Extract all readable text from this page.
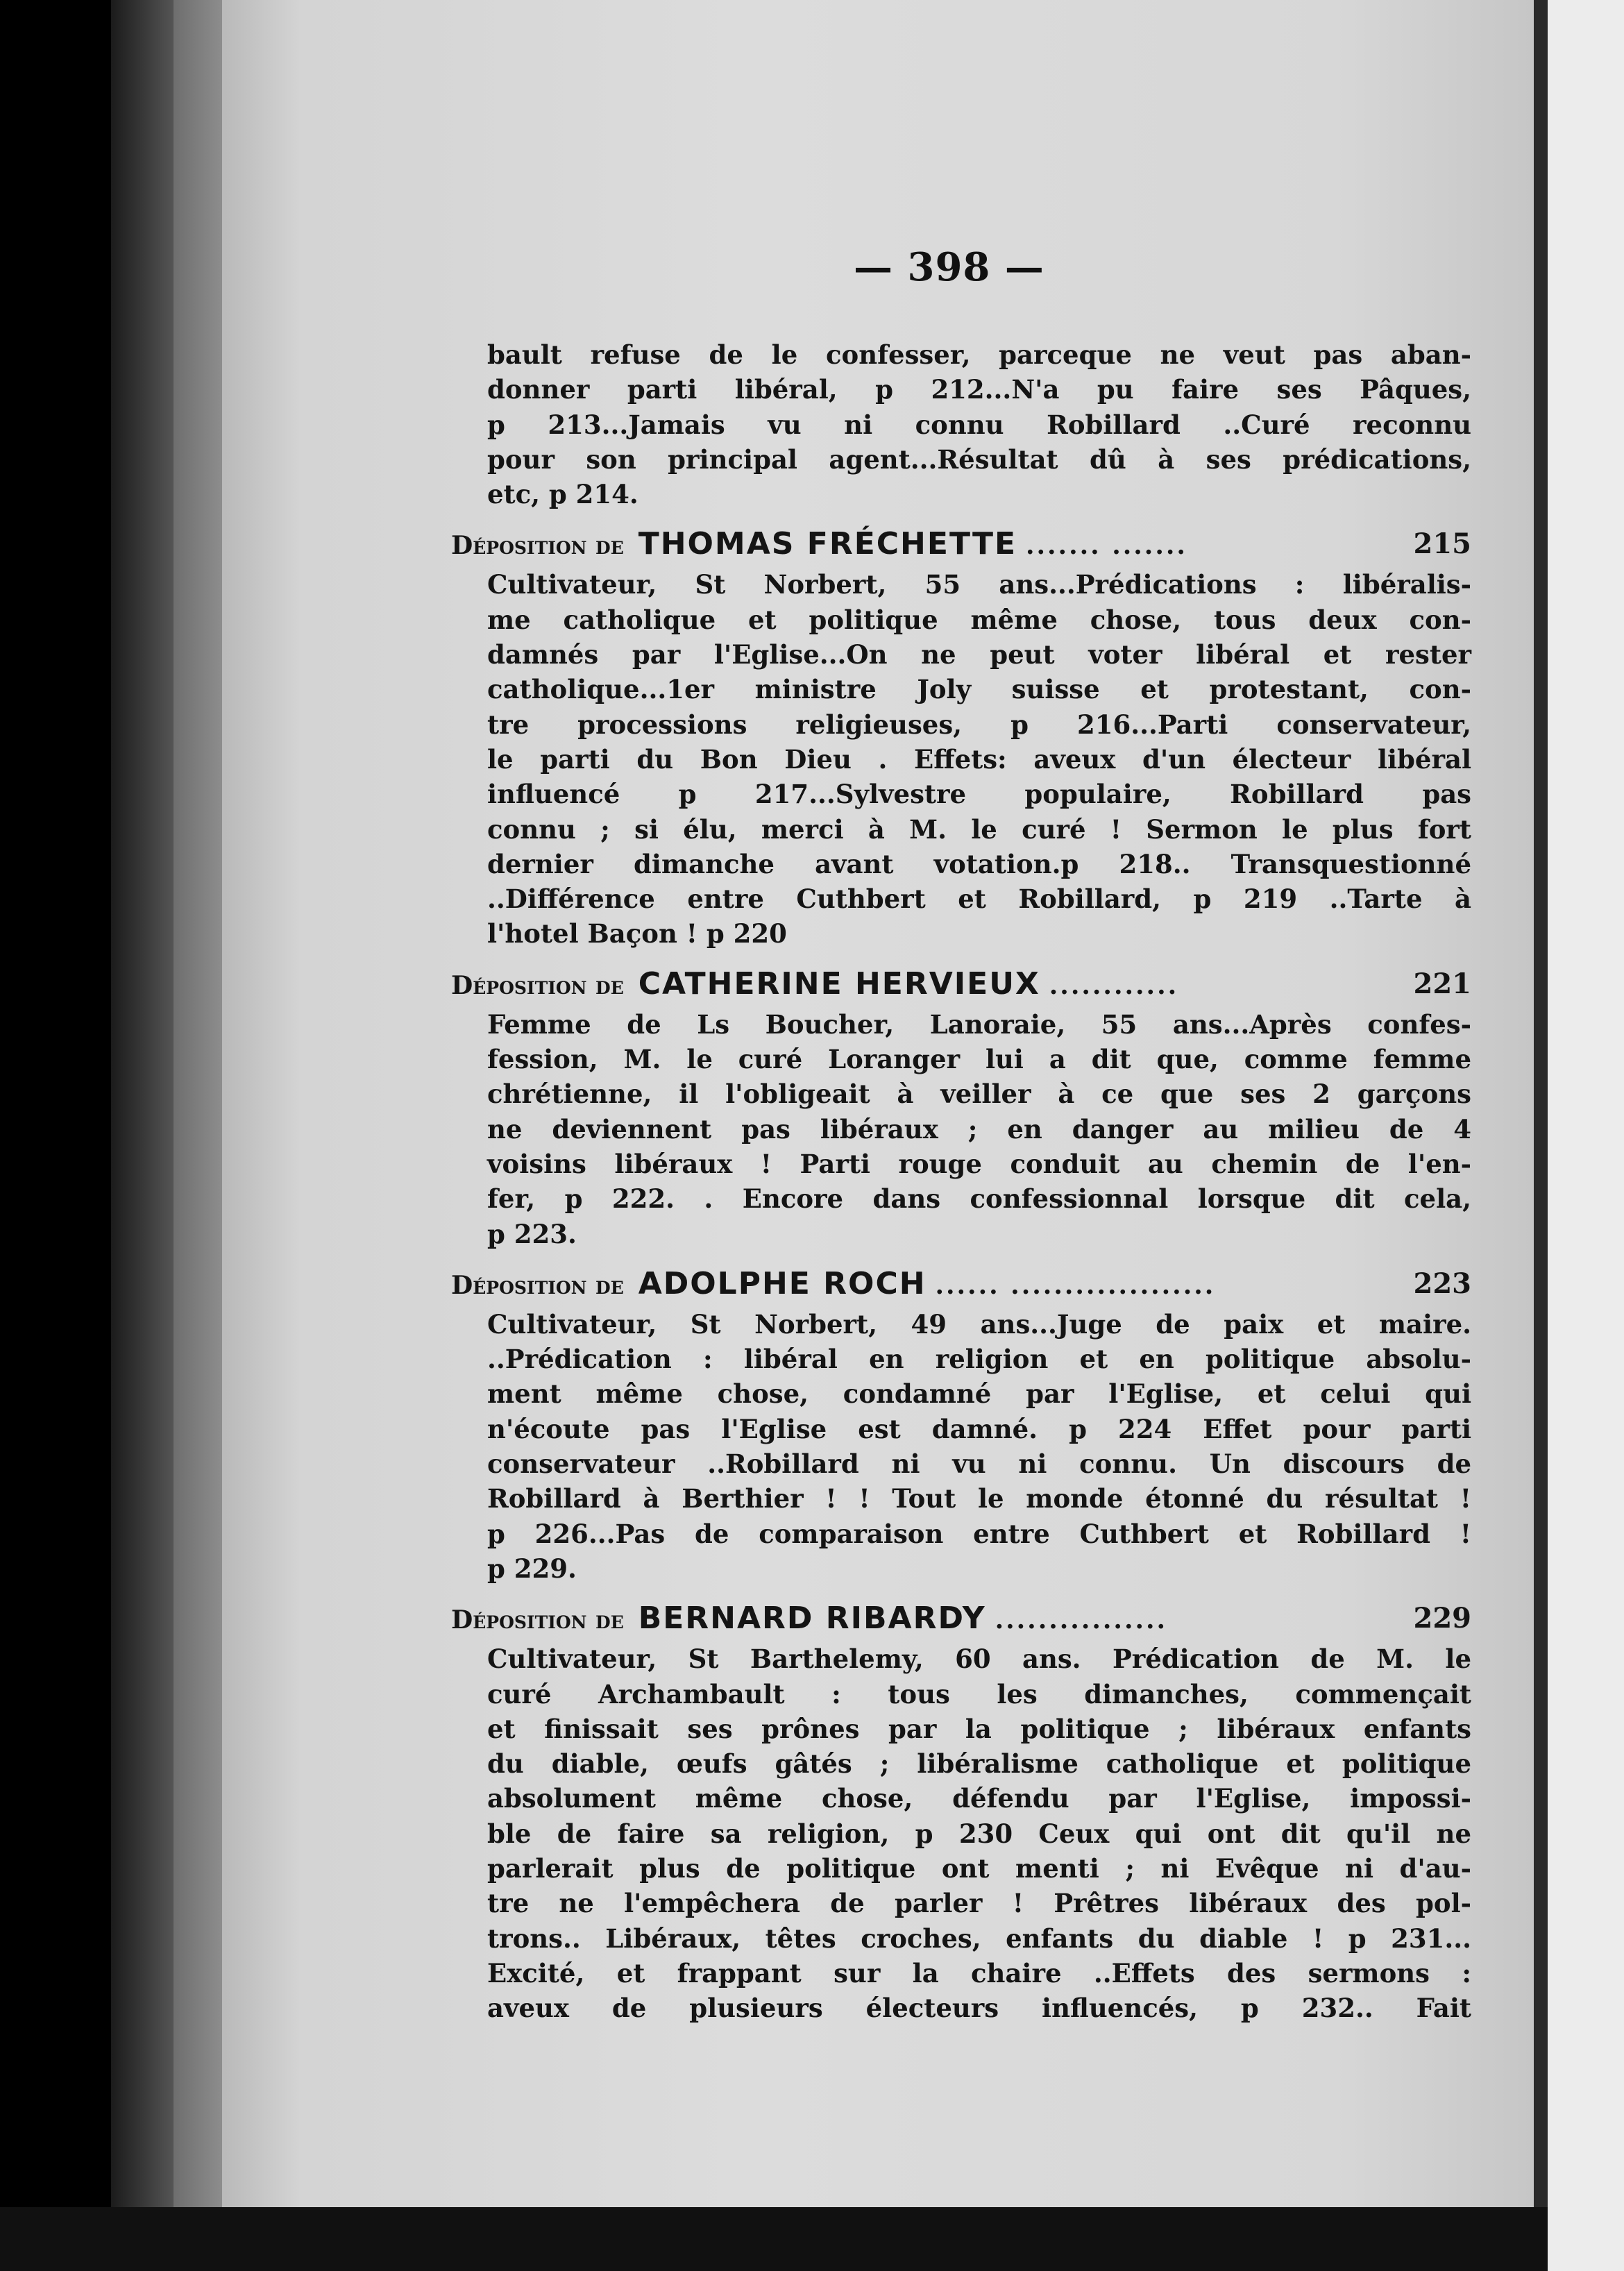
— 398 —
bault refuse de le confesser, parceque ne veut pas aban-
donner parti libéral, p 212...N'a pu faire ses Pâques,
p 213...Jamais vu ni connu Robillard ..Curé reconnu
pour son principal agent...Résultat dû à ses prédications,
etc, p 214.
Déposition de THOMAS FRÉCHETTE ....... .......	215
Cultivateur, St Norbert, 55 ans...Prédications : libéralis-
me catholique et politique même chose, tous deux con-
damnés par l'Eglise...On ne peut voter libéral et rester
catholique...1er ministre Joly suisse et protestant, con-
tre processions religieuses, p 216...Parti conservateur,
le parti du Bon Dieu . Effets: aveux d'un électeur libéral
influencé p 217...Sylvestre populaire, Robillard pas
connu ; si élu, merci à M. le curé ! Sermon le plus fort
dernier dimanche avant votation.p 218.. Transquestionné
..Différence entre Cuthbert et Robillard, p 219 ..Tarte à
l'hotel Baçon ! p 220
Déposition de CATHERINE HERVIEUX ............	221
Femme de Ls Boucher, Lanoraie, 55 ans...Après confes-
fession, M. le curé Loranger lui a dit que, comme femme
chrétienne, il l'obligeait à veiller à ce que ses 2 garçons
ne deviennent pas libéraux ; en danger au milieu de 4
voisins libéraux ! Parti rouge conduit au chemin de l'en-
fer, p 222. . Encore dans confessionnal lorsque dit cela,
p 223.
Déposition de ADOLPHE ROCH ...... ...................	223
Cultivateur, St Norbert, 49 ans...Juge de paix et maire.
..Prédication : libéral en religion et en politique absolu-
ment même chose, condamné par l'Eglise, et celui qui
n'écoute pas l'Eglise est damné. p 224 Effet pour parti
conservateur ..Robillard ni vu ni connu. Un discours de
Robillard à Berthier ! ! Tout le monde étonné du résultat !
p 226...Pas de comparaison entre Cuthbert et Robillard !
p 229.
Déposition de BERNARD RIBARDY ................	229
Cultivateur, St Barthelemy, 60 ans. Prédication de M. le
curé Archambault : tous les dimanches, commençait
et finissait ses prônes par la politique ; libéraux enfants
du diable, œufs gâtés ; libéralisme catholique et politique
absolument même chose, défendu par l'Eglise, impossi-
ble de faire sa religion, p 230 Ceux qui ont dit qu'il ne
parlerait plus de politique ont menti ; ni Evêque ni d'au-
tre ne l'empêchera de parler ! Prêtres libéraux des pol-
trons.. Libéraux, têtes croches, enfants du diable ! p 231...
Excité, et frappant sur la chaire ..Effets des sermons :
aveux de plusieurs électeurs influencés, p 232.. Fait
